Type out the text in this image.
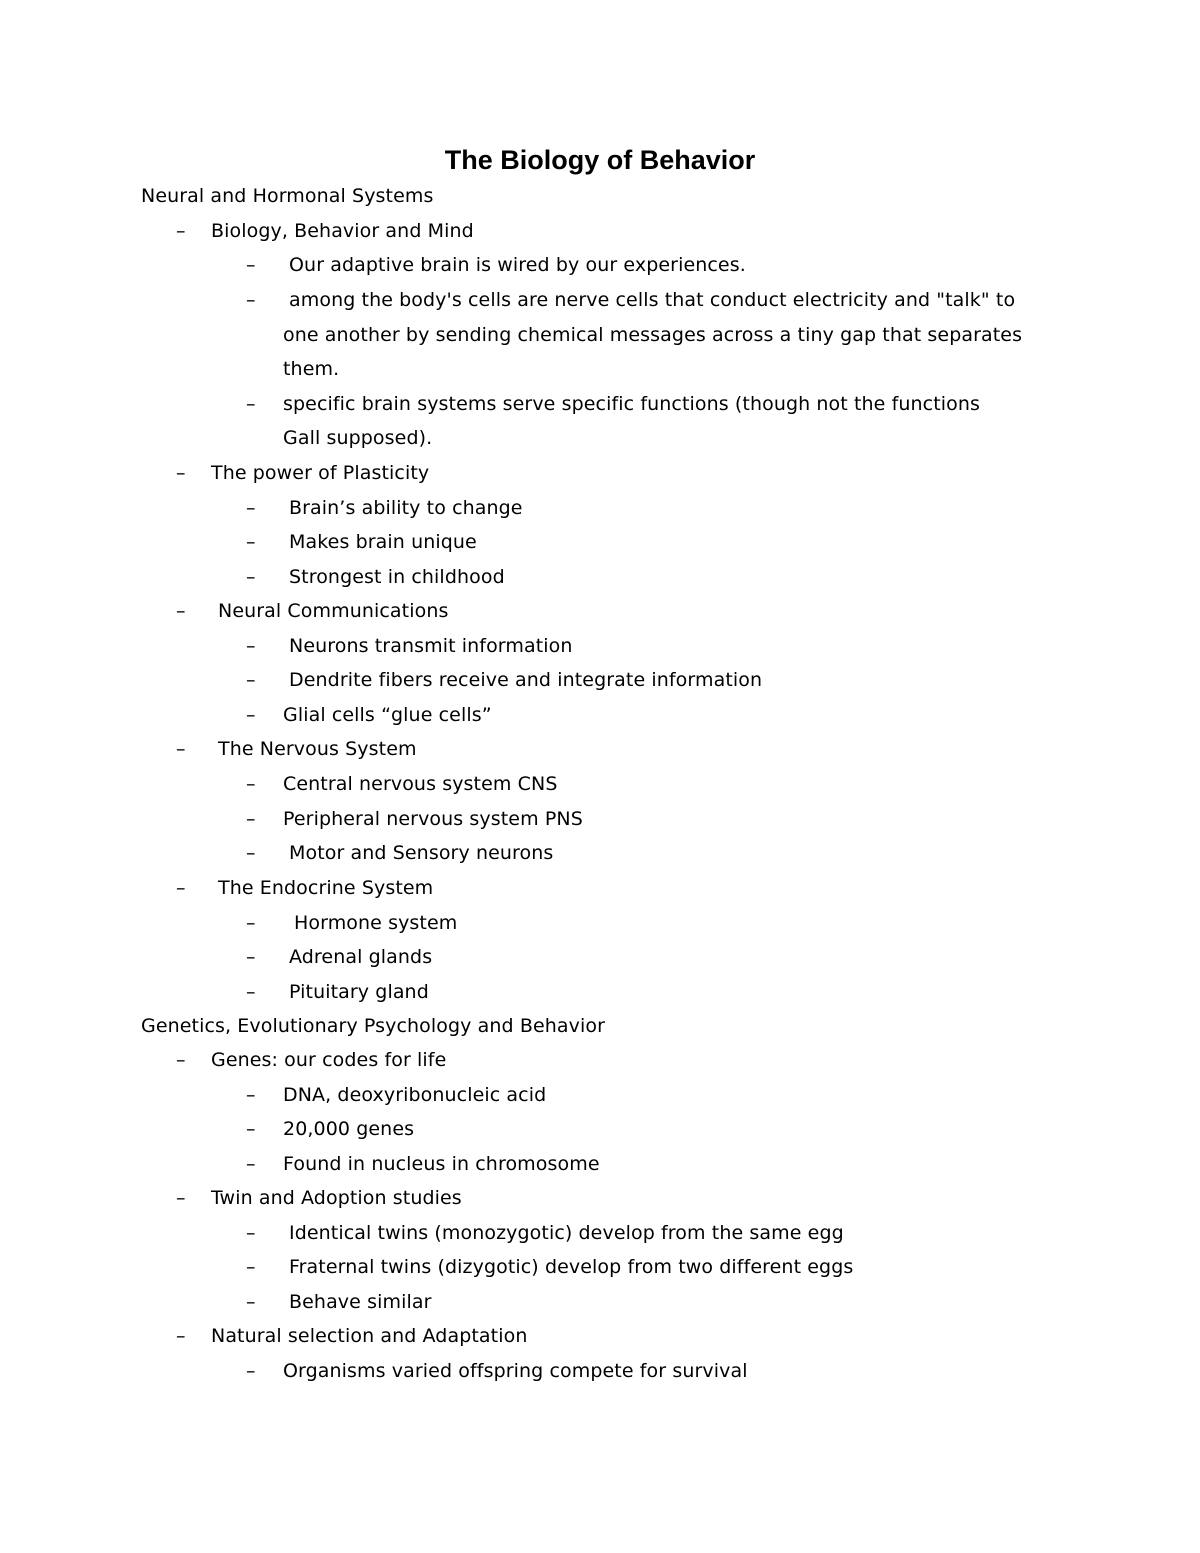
The Biology of Behavior
Neural and Hormonal Systems
– Biology, Behavior and Mind
– Our adaptive brain is wired by our experiences.
– among the body's cells are nerve cells that conduct electricity and "talk" to
one another by sending chemical messages across a tiny gap that separates
them.
– specific brain systems serve specific functions (though not the functions
Gall supposed).
– The power of Plasticity
– Brain’s ability to change
– Makes brain unique
– Strongest in childhood
– Neural Communications
– Neurons transmit information
– Dendrite fibers receive and integrate information
– Glial cells “glue cells”
– The Nervous System
– Central nervous system CNS
– Peripheral nervous system PNS
– Motor and Sensory neurons
– The Endocrine System
– Hormone system
– Adrenal glands
– Pituitary gland
Genetics, Evolutionary Psychology and Behavior
– Genes: our codes for life
– DNA, deoxyribonucleic acid
– 20,000 genes
– Found in nucleus in chromosome
– Twin and Adoption studies
– Identical twins (monozygotic) develop from the same egg
– Fraternal twins (dizygotic) develop from two different eggs
– Behave similar
– Natural selection and Adaptation
– Organisms varied offspring compete for survival
